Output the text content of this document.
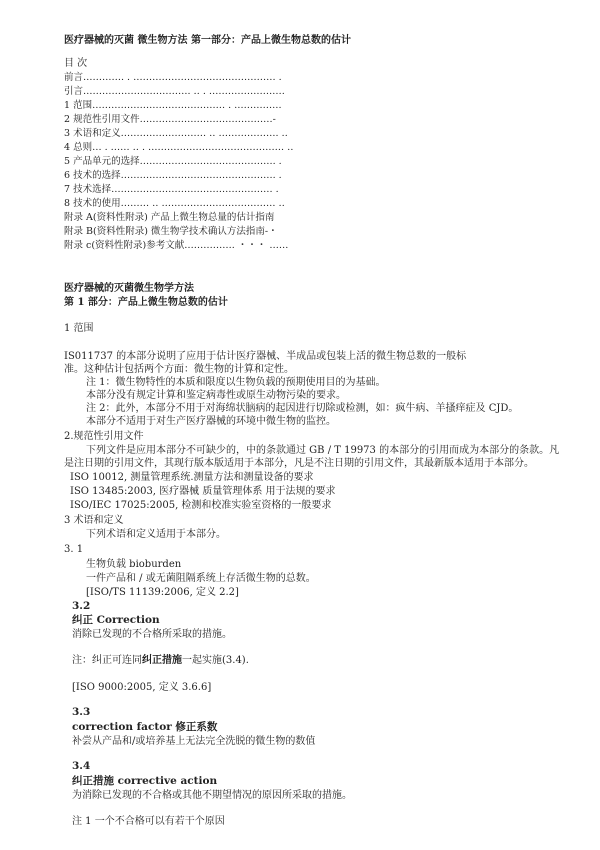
医疗器械的灭菌 微生物方法 第一部分：产品上微生物总数的估计
目 次
前言…………. . ……………………………………… .
引言……………………………. ‥ . ……………………
1 范围…………………………………… . ……………
2 规范性引用文件……………………………………-
3 术语和定义……………………… ‥ ………………. ‥
4 总则… . …… ‥ . ……………………………………. ‥
5 产品单元的选择……………………………………. .
6 技术的选择…………………………………………. .
7 技术选择…………………………………………… .
8 技术的使用……… ‥ ……………………………… ‥
附录 A(资料性附录) 产品上微生物总量的估计指南
附录 B(资料性附录) 微生物学技术确认方法指南-・
附录 c(资料性附录)参考文献……………. ・・・ ……
医疗器械的灭菌微生物学方法
第 1 部分：产品上微生物总数的估计
1 范围
IS011737 的本部分说明了应用于估计医疗器械、半成品或包装上活的微生物总数的一般标
准。这种估计包括两个方面：微生物的计算和定性。
注 1：微生物特性的本质和限度以生物负载的预期使用目的为基础。
本部分没有规定计算和鉴定病毒性或原生动物污染的要求。
注 2：此外，本部分不用于对海绵状脑病的起因进行切除或检测，如：疯牛病、羊搔痒症及 CJD。
本部分不适用于对生产医疗器械的环境中微生物的监控。
2.规范性引用文件
下列文件是应用本部分不可缺少的，中的条款通过 GB / T 19973 的本部分的引用而成为本部分的条款。凡
是注日期的引用文件，其现行版本版适用于本部分，凡是不注日期的引用文件，其最新版本适用于本部分。
ISO 10012, 测量管理系统.测量方法和测量设备的要求
ISO 13485:2003, 医疗器械 质量管理体系 用于法规的要求
ISO/IEC 17025:2005, 检测和校准实验室资格的一般要求
3 术语和定义
下列术语和定义适用于本部分。
3. 1
生物负载 bioburden
一件产品和 / 或无菌阻隔系统上存活微生物的总数。
[ISO/TS 11139:2006, 定义 2.2]
3.2
纠正 Correction
消除已发现的不合格所采取的措施。
注：纠正可连同纠正措施一起实施(3.4).
[ISO 9000:2005, 定义 3.6.6]
3.3
correction factor 修正系数
补尝从产品和/或培养基上无法完全洗脱的微生物的数值
3.4
纠正措施 corrective action
为消除已发现的不合格或其他不期望情况的原因所采取的措施。
注 1 一个不合格可以有若干个原因
